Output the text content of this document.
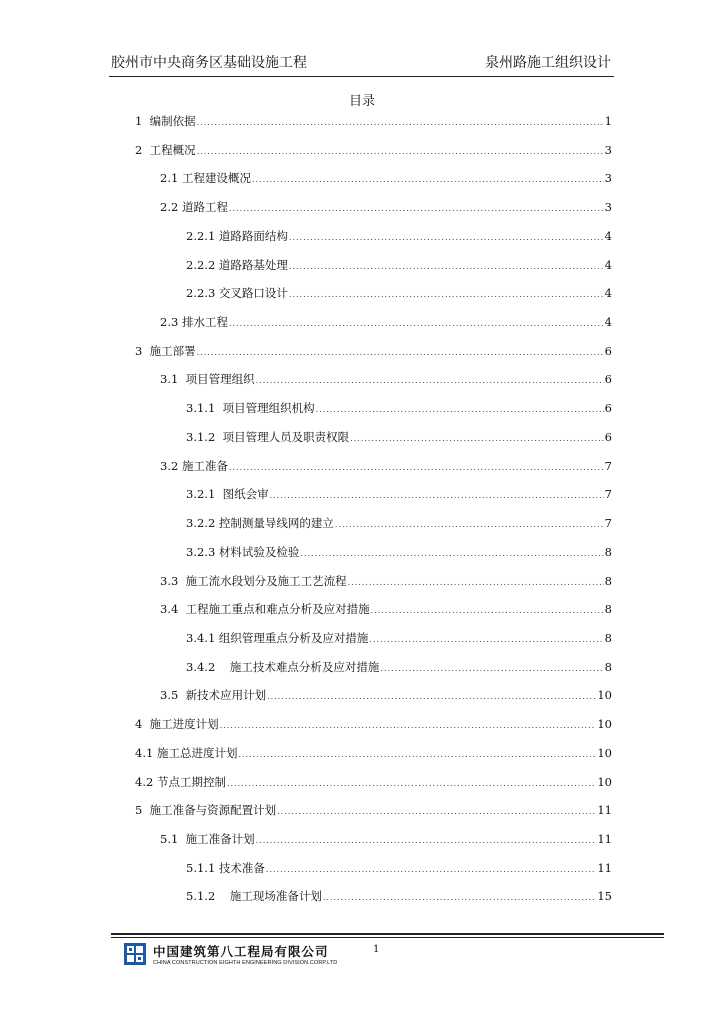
胶州市中央商务区基础设施工程	泉州路施工组织设计
目录
1  编制依据 .....	1
2  工程概况 .....	3
2.1 工程建设概况 .....	3
2.2 道路工程 .....	3
2.2.1 道路路面结构 .....	4
2.2.2 道路路基处理 .....	4
2.2.3 交叉路口设计 .....	4
2.3 排水工程 .....	4
3  施工部署 .....	6
3.1  项目管理组织 .....	6
3.1.1  项目管理组织机构 .....	6
3.1.2  项目管理人员及职责权限 .....	6
3.2 施工准备 .....	7
3.2.1  图纸会审 .....	7
3.2.2 控制测量导线网的建立 .....	7
3.2.3 材料试验及检验 .....	8
3.3  施工流水段划分及施工工艺流程 .....	8
3.4  工程施工重点和难点分析及应对措施 .....	8
3.4.1 组织管理重点分析及应对措施 .....	8
3.4.2    施工技术难点分析及应对措施 .....	8
3.5  新技术应用计划 .....	10
4  施工进度计划 .....	10
4.1 施工总进度计划 .....	10
4.2 节点工期控制 .....	10
5  施工准备与资源配置计划 .....	11
5.1  施工准备计划 .....	11
5.1.1 技术准备 .....	11
5.1.2    施工现场准备计划 .....	15
中国建筑第八工程局有限公司
CHINA CONSTRUCTION EIGHTH ENGINEERING DIVISION.CORP.LTD
1
